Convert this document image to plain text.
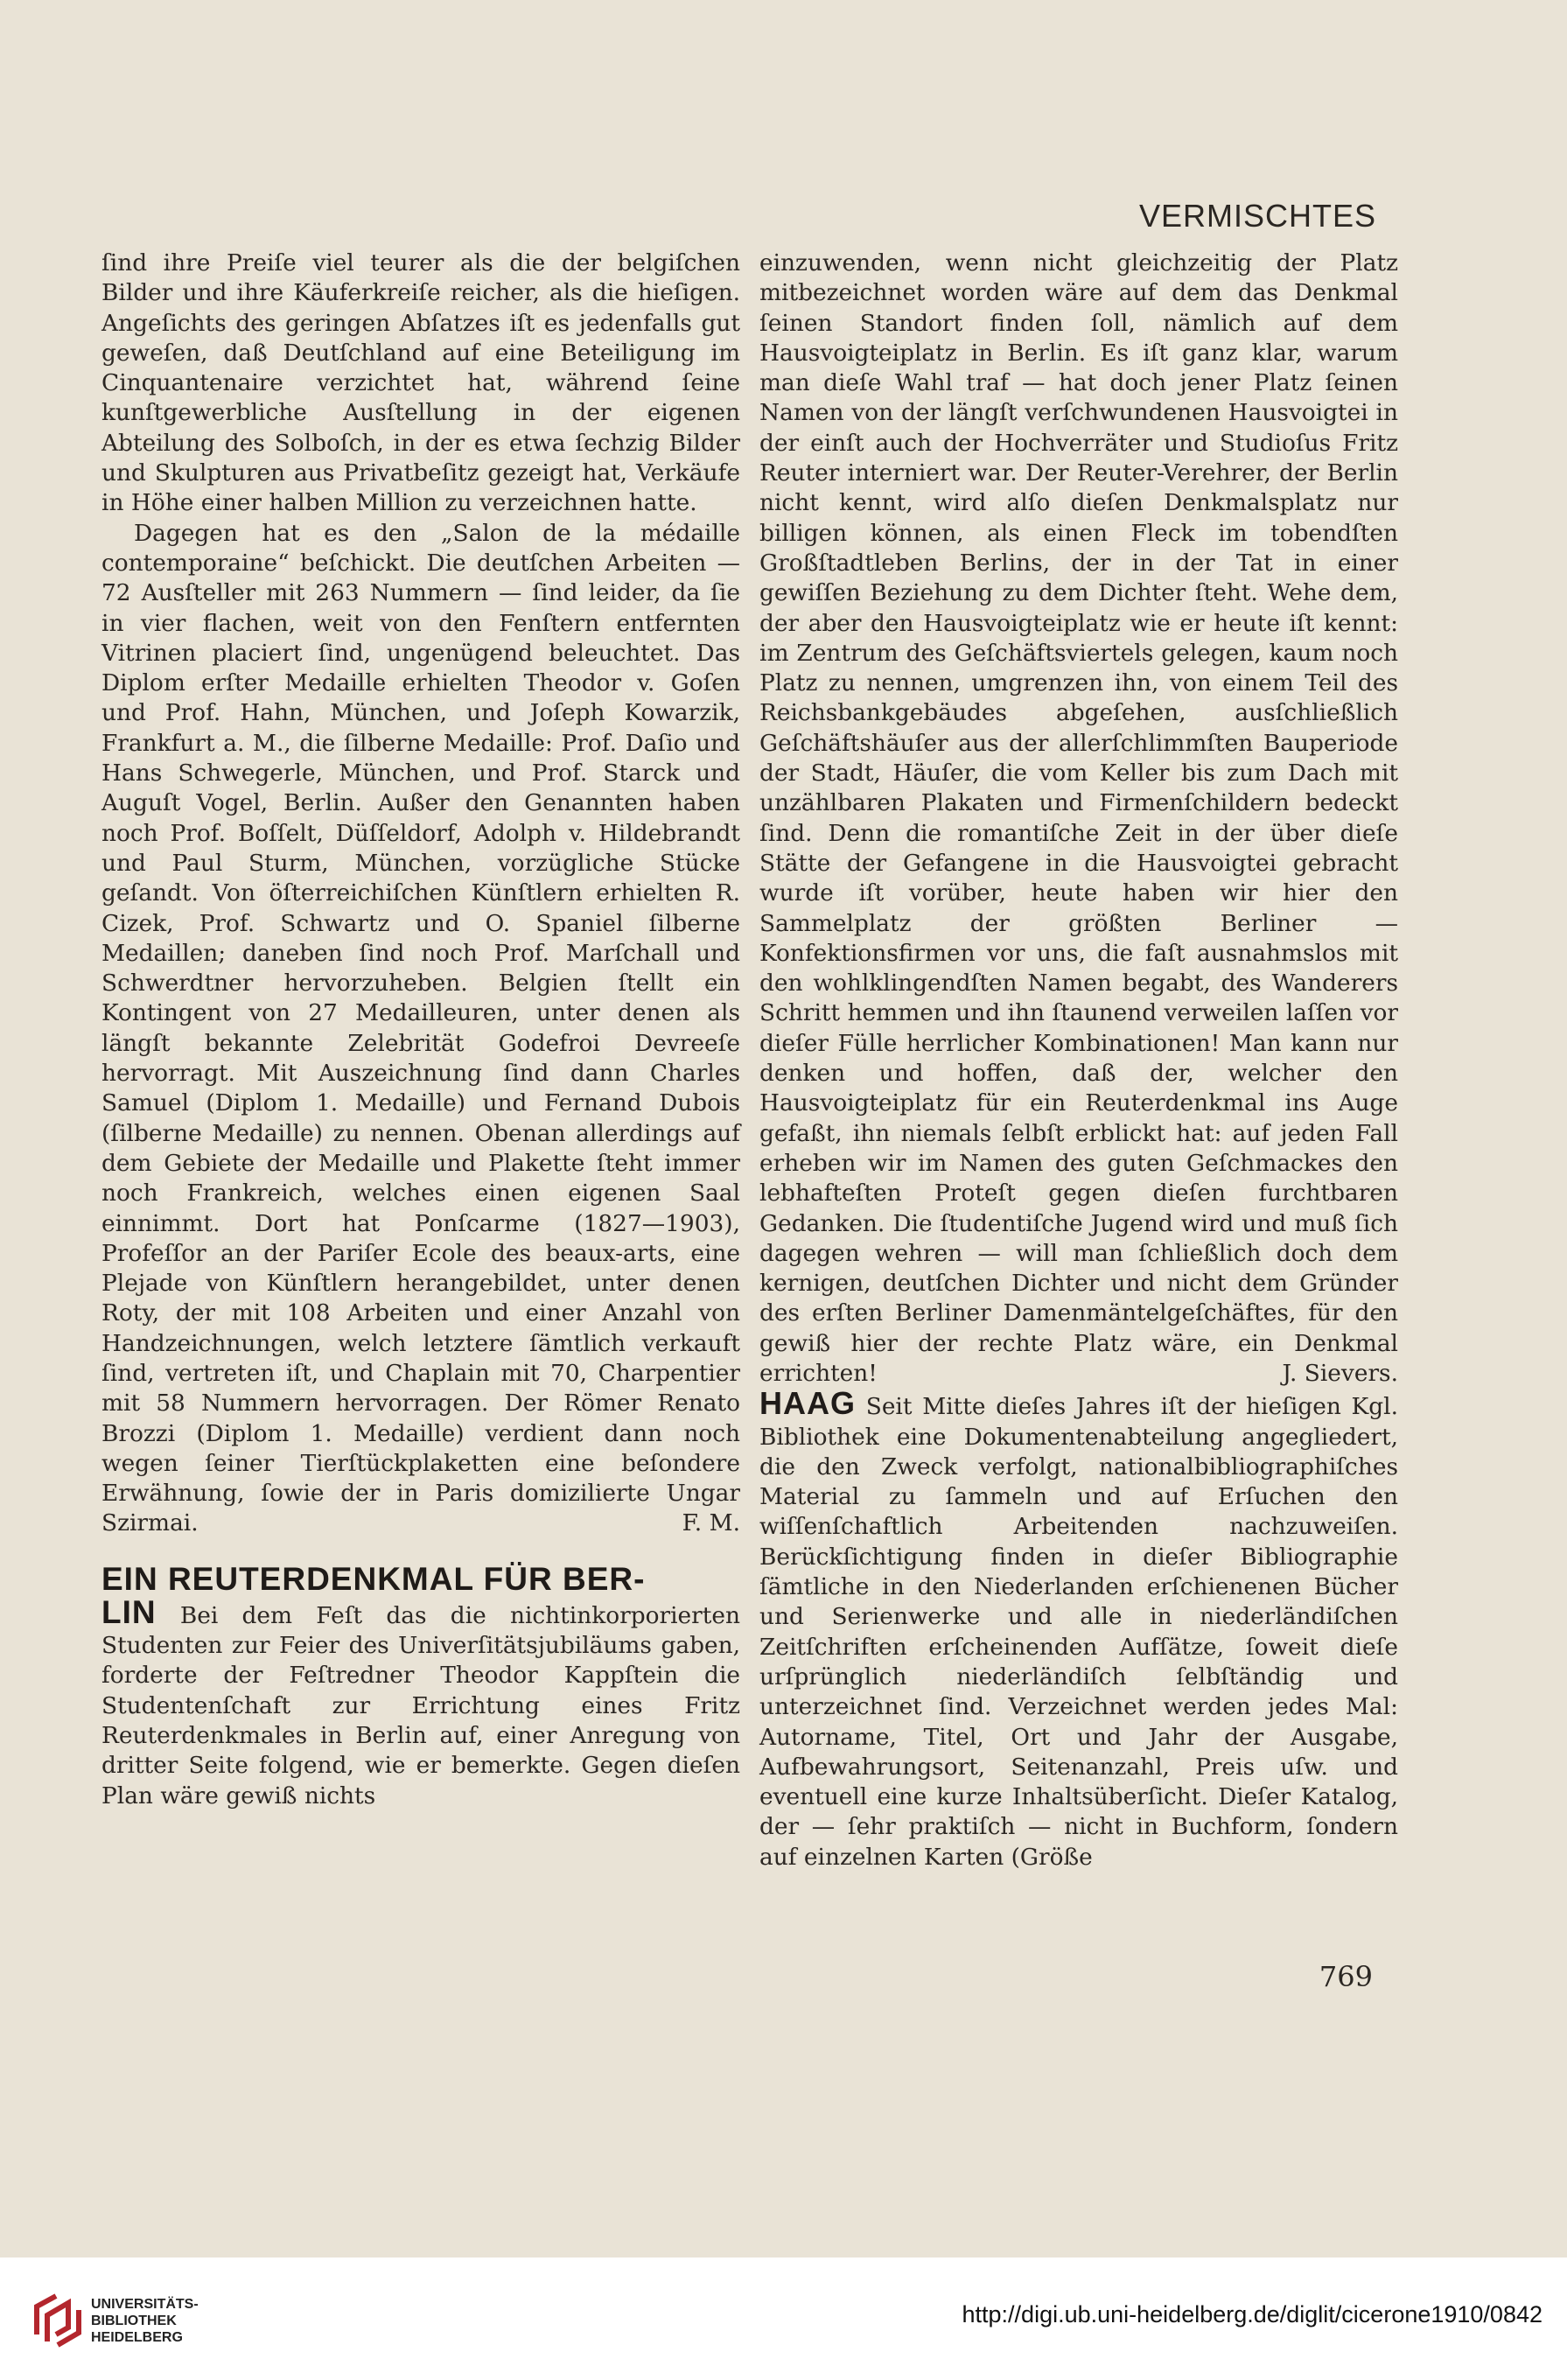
VERMISCHTES

ſind ihre Preiſe viel teurer als die der belgiſchen Bilder und ihre Käuferkreiſe reicher, als die hieſigen. Angeſichts des geringen Abſatzes iſt es jedenfalls gut geweſen, daß Deutſchland auf eine Beteiligung im Cinquantenaire verzichtet hat, während ſeine kunſtgewerbliche Ausſtellung in der eigenen Abteilung des Solboſch, in der es etwa ſechzig Bilder und Skulpturen aus Privatbeſitz gezeigt hat, Verkäufe in Höhe einer halben Million zu verzeichnen hatte.

Dagegen hat es den „Salon de la médaille contemporaine“ beſchickt. Die deutſchen Arbeiten — 72 Ausſteller mit 263 Nummern — ſind leider, da ſie in vier flachen, weit von den Fenſtern entfernten Vitrinen placiert ſind, ungenügend beleuchtet. Das Diplom erſter Medaille erhielten Theodor v. Goſen und Prof. Hahn, München, und Joſeph Kowarzik, Frankfurt a. M., die ſilberne Medaille: Prof. Daſio und Hans Schwegerle, München, und Prof. Starck und Auguſt Vogel, Berlin. Außer den Genannten haben noch Prof. Boſſelt, Düſſeldorf, Adolph v. Hildebrandt und Paul Sturm, München, vorzügliche Stücke geſandt. Von öſterreichiſchen Künſtlern erhielten R. Cizek, Prof. Schwartz und O. Spaniel ſilberne Medaillen; daneben ſind noch Prof. Marſchall und Schwerdtner hervorzuheben. Belgien ſtellt ein Kontingent von 27 Medailleuren, unter denen als längſt bekannte Zelebrität Godefroi Devreeſe hervorragt. Mit Auszeichnung ſind dann Charles Samuel (Diplom 1. Medaille) und Fernand Dubois (ſilberne Medaille) zu nennen. Obenan allerdings auf dem Gebiete der Medaille und Plakette ſteht immer noch Frankreich, welches einen eigenen Saal einnimmt. Dort hat Ponſcarme (1827—1903), Profeſſor an der Pariſer Ecole des beaux-arts, eine Plejade von Künſtlern herangebildet, unter denen Roty, der mit 108 Arbeiten und einer Anzahl von Handzeichnungen, welch letztere ſämtlich verkauft ſind, vertreten iſt, und Chaplain mit 70, Charpentier mit 58 Nummern hervorragen. Der Römer Renato Brozzi (Diplom 1. Medaille) verdient dann noch wegen ſeiner Tierſtückplaketten eine beſondere Erwähnung, ſowie der in Paris domizilierte Ungar Szirmai.	F. M.

EIN REUTERDENKMAL FÜR BER-

LIN Bei dem Feſt das die nichtinkorporierten Studenten zur Feier des Univerſitätsjubiläums gaben, forderte der Feſtredner Theodor Kappſtein die Studentenſchaft zur Errichtung eines Fritz Reuterdenkmales in Berlin auf, einer Anregung von dritter Seite folgend, wie er bemerkte. Gegen dieſen Plan wäre gewiß nichts

einzuwenden, wenn nicht gleichzeitig der Platz mitbezeichnet worden wäre auf dem das Denkmal ſeinen Standort finden ſoll, nämlich auf dem Hausvoigteiplatz in Berlin. Es iſt ganz klar, warum man dieſe Wahl traf — hat doch jener Platz ſeinen Namen von der längſt verſchwundenen Hausvoigtei in der einſt auch der Hochverräter und Studioſus Fritz Reuter interniert war. Der Reuter-Verehrer, der Berlin nicht kennt, wird alſo dieſen Denkmalsplatz nur billigen können, als einen Fleck im tobendſten Großſtadtleben Berlins, der in der Tat in einer gewiſſen Beziehung zu dem Dichter ſteht. Wehe dem, der aber den Hausvoigteiplatz wie er heute iſt kennt: im Zentrum des Geſchäftsviertels gelegen, kaum noch Platz zu nennen, umgrenzen ihn, von einem Teil des Reichsbankgebäudes abgeſehen, ausſchließlich Geſchäftshäuſer aus der allerſchlimmſten Bauperiode der Stadt, Häuſer, die vom Keller bis zum Dach mit unzählbaren Plakaten und Firmenſchildern bedeckt ſind. Denn die romantiſche Zeit in der über dieſe Stätte der Gefangene in die Hausvoigtei gebracht wurde iſt vorüber, heute haben wir hier den Sammelplatz der größten Berliner — Konfektionsfirmen vor uns, die faſt ausnahmslos mit den wohlklingendſten Namen begabt, des Wanderers Schritt hemmen und ihn ſtaunend verweilen laſſen vor dieſer Fülle herrlicher Kombinationen! Man kann nur denken und hoffen, daß der, welcher den Hausvoigteiplatz für ein Reuterdenkmal ins Auge gefaßt, ihn niemals ſelbſt erblickt hat: auf jeden Fall erheben wir im Namen des guten Geſchmackes den lebhafteſten Proteſt gegen dieſen furchtbaren Gedanken. Die ſtudentiſche Jugend wird und muß ſich dagegen wehren — will man ſchließlich doch dem kernigen, deutſchen Dichter und nicht dem Gründer des erſten Berliner Damenmäntelgeſchäftes, für den gewiß hier der rechte Platz wäre, ein Denkmal errichten!	J. Sievers.

HAAG Seit Mitte dieſes Jahres iſt der hieſigen Kgl. Bibliothek eine Dokumentenabteilung angegliedert, die den Zweck verfolgt, nationalbibliographiſches Material zu ſammeln und auf Erſuchen den wiſſenſchaftlich Arbeitenden nachzuweiſen. Berückſichtigung finden in dieſer Bibliographie ſämtliche in den Niederlanden erſchienenen Bücher und Serienwerke und alle in niederländiſchen Zeitſchriften erſcheinenden Aufſätze, ſoweit dieſe urſprünglich niederländiſch ſelbſtändig und unterzeichnet ſind. Verzeichnet werden jedes Mal: Autorname, Titel, Ort und Jahr der Ausgabe, Aufbewahrungsort, Seitenanzahl, Preis uſw. und eventuell eine kurze Inhaltsüberſicht. Dieſer Katalog, der — ſehr praktiſch — nicht in Buchform, ſondern auf einzelnen Karten (Größe

769
UNIVERSITÄTS-
BIBLIOTHEK
HEIDELBERG
http://digi.ub.uni-heidelberg.de/diglit/cicerone1910/0842
